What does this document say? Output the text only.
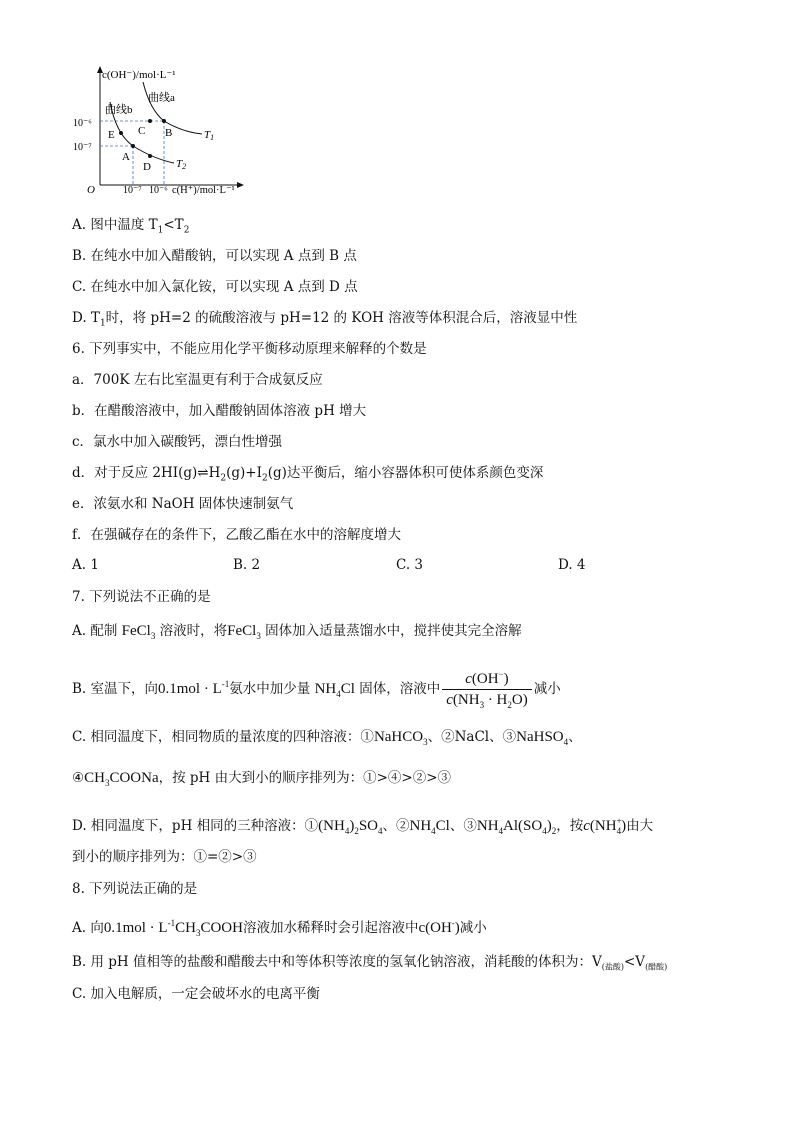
c(OH⁻)/mol·L⁻¹
c(H⁺)/mol·L⁻¹
O
10⁻⁶
10⁻⁷
10⁻⁷ 10⁻⁶
曲线a
曲线b
T1
T2
A
B
C
D
E
A. 图中温度 $T_1<T_2$
B. 在纯水中加入醋酸钠，可以实现 A 点到 B 点
C. 在纯水中加入氯化铵，可以实现 A 点到 D 点
D. $T_1$时，将 pH=2 的硫酸溶液与 pH=12 的 KOH 溶液等体积混合后，溶液显中性
6. 下列事实中，不能应用化学平衡移动原理来解释的个数是
a．700K 左右比室温更有利于合成氨反应
b．在醋酸溶液中，加入醋酸钠固体溶液 pH 增大
c．氯水中加入碳酸钙，漂白性增强
d．对于反应 $2HI(g)\rightleftharpoons H_2(g)+I_2(g)$达平衡后，缩小容器体积可使体系颜色变深
e．浓氨水和 NaOH 固体快速制氨气
f．在强碱存在的条件下，乙酸乙酯在水中的溶解度增大
A. 1	B. 2	C. 3	D. 4
7. 下列说法不正确的是
A. 配制 FeCl$_3$ 溶液时，将FeCl$_3$ 固体加入适量蒸馏水中，搅拌使其完全溶解
B. 室温下，向$0.1mol \cdot L^{-1}$氨水中加少量 $NH_4Cl$ 固体，溶液中 $\frac{c(OH^-)}{c(NH_3 \cdot H_2O)}$ 减小
C. 相同温度下，相同物质的量浓度的四种溶液：①NaHCO$_3$、②NaCl、③NaHSO$_4$、
$④CH_3COONa$，按 pH 由大到小的顺序排列为：①>④>②>③
D. 相同温度下，pH 相同的三种溶液：$①(NH_4)_2SO_4$、$②NH_4Cl$、$③NH_4Al(SO_4)_2$，按$c(NH^+_4)$由大
到小的顺序排列为：①=②>③
8. 下列说法正确的是
A. 向$0.1mol \cdot L^{-1}CH_3COOH$溶液加水稀释时会引起溶液中c(OH-)减小
B. 用 pH 值相等的盐酸和醋酸去中和等体积等浓度的氢氧化钠溶液，消耗酸的体积为：$V_{(盐酸)}<V_{(醋酸)}$
C. 加入电解质，一定会破坏水的电离平衡
